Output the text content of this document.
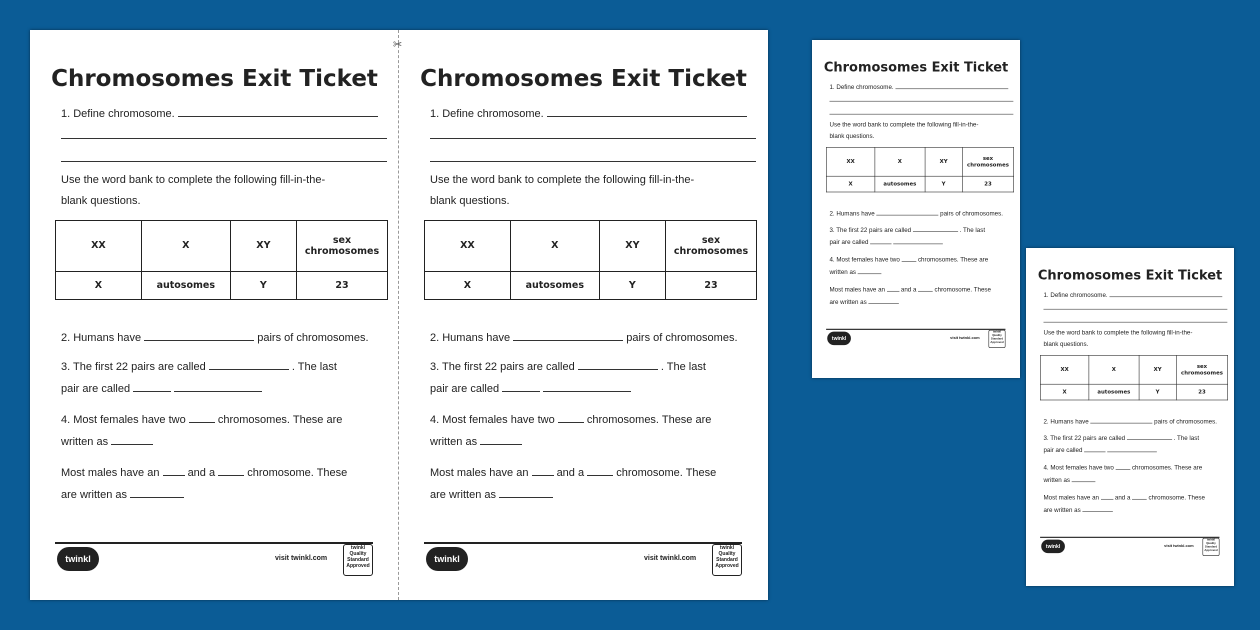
✂
Chromosomes Exit Ticket
1. Define chromosome.
Use the word bank to complete the following fill-in-the-
blank questions.
XX	X	XY	sex chromosomes
X	autosomes	Y	23
2. Humans have	pairs of chromosomes.
3. The first 22 pairs are called	. The last
pair are called
4. Most females have two	chromosomes. These are
written as
Most males have an	and a	chromosome. These
are written as
twinkl	visit twinkl.com
twinkl Quality Standard Approved
Chromosomes Exit Ticket
1. Define chromosome.
Use the word bank to complete the following fill-in-the-
blank questions.
XX	X	XY	sex chromosomes
X	autosomes	Y	23
2. Humans have	pairs of chromosomes.
3. The first 22 pairs are called	. The last
pair are called
4. Most females have two	chromosomes. These are
written as
Most males have an	and a	chromosome. These
are written as
twinkl	visit twinkl.com
twinkl Quality Standard Approved
Chromosomes Exit Ticket
1. Define chromosome.
Use the word bank to complete the following fill-in-the-
blank questions.
XX	X	XY	sex chromosomes
X	autosomes	Y	23
2. Humans have	pairs of chromosomes.
3. The first 22 pairs are called	. The last
pair are called
4. Most females have two chromosomes. These are
written as
Most males have an and a chromosome. These
are written as
twinkl	visit twinkl.com
twinkl Quality Standard Approved
Chromosomes Exit Ticket
1. Define chromosome.
Use the word bank to complete the following fill-in-the-
blank questions.
XX	X	XY	sex chromosomes
X	autosomes	Y	23
2. Humans have	pairs of chromosomes.
3. The first 22 pairs are called	. The last
pair are called
4. Most females have two chromosomes. These are
written as
Most males have an and a chromosome. These
are written as
twinkl	visit twinkl.com
twinkl Quality Standard Approved
